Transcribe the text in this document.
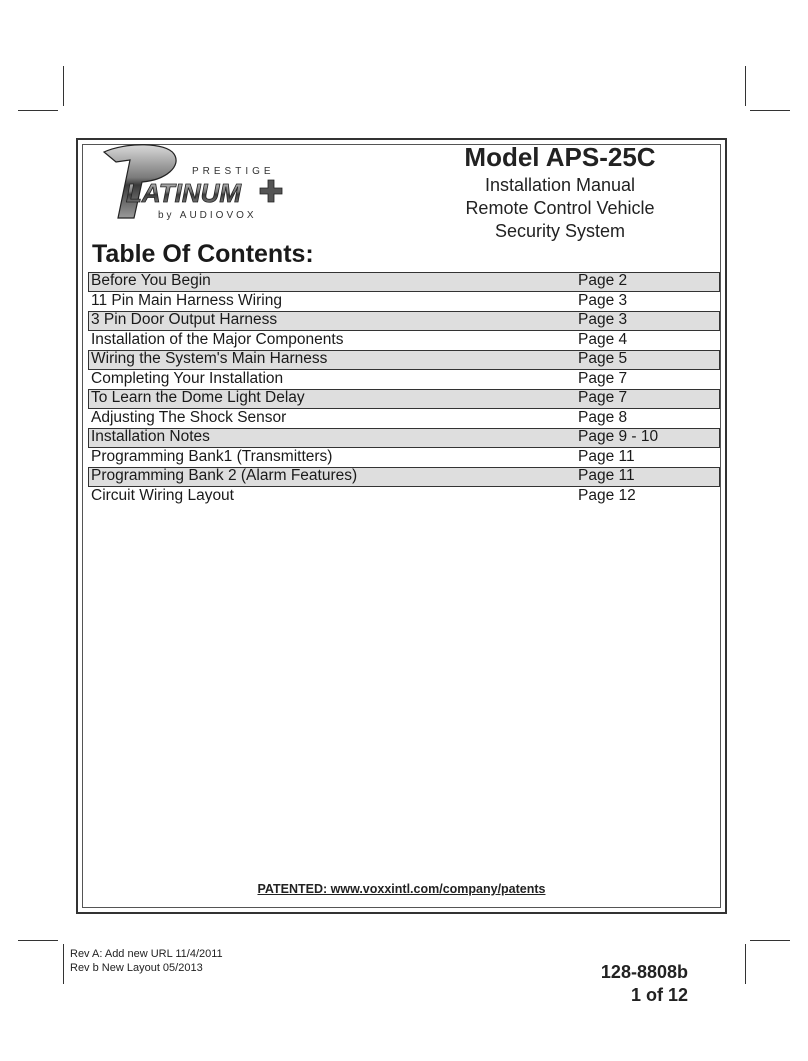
P
PRESTIGE
LATINUM
by AUDIOVOX
Model APS-25C
Installation Manual
Remote Control Vehicle
Security System
Table Of Contents:
Before You Begin	Page 2
11 Pin Main Harness Wiring	Page 3
3 Pin Door Output Harness	Page 3
Installation of the Major Components	Page 4
Wiring the System's Main Harness	Page 5
Completing Your Installation	Page 7
To Learn the Dome Light Delay	Page 7
Adjusting The Shock Sensor	Page 8
Installation Notes	Page 9 - 10
Programming Bank1 (Transmitters)	Page 11
Programming Bank 2 (Alarm Features)	Page 11
Circuit Wiring Layout	Page 12
PATENTED: www.voxxintl.com/company/patents
Rev A: Add new URL 11/4/2011
Rev b New Layout 05/2013	128-8808b
1 of 12
